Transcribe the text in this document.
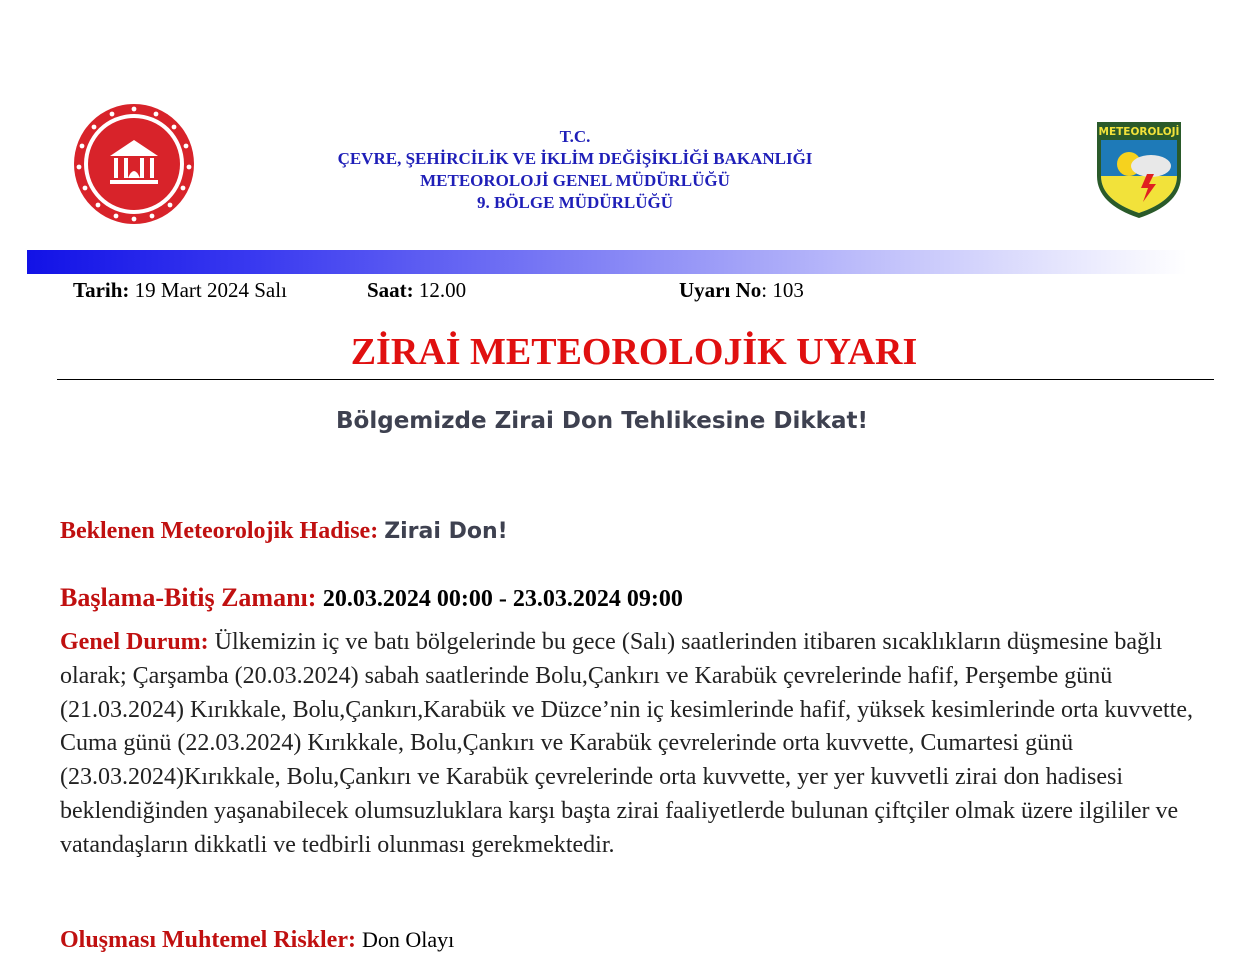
T.C.
ÇEVRE, ŞEHİRCİLİK VE İKLİM DEĞİŞİKLİĞİ BAKANLIĞI
METEOROLOJİ GENEL MÜDÜRLÜĞÜ
9. BÖLGE MÜDÜRLÜĞÜ
METEOROLOJİ
Tarih: 19 Mart 2024 Salı	Saat: 12.00	Uyarı No: 103
ZİRAİ METEOROLOJİK UYARI
Bölgemizde Zirai Don Tehlikesine Dikkat!
Beklenen Meteorolojik Hadise: Zirai Don!
Başlama-Bitiş Zamanı: 20.03.2024 00:00 - 23.03.2024 09:00
Genel Durum: Ülkemizin iç ve batı bölgelerinde bu gece (Salı) saatlerinden itibaren sıcaklıkların düşmesine bağlı olarak; Çarşamba (20.03.2024) sabah saatlerinde Bolu,Çankırı ve Karabük çevrelerinde hafif, Perşembe günü (21.03.2024) Kırıkkale, Bolu,Çankırı,Karabük ve Düzce’nin iç kesimlerinde hafif, yüksek kesimlerinde orta kuvvette, Cuma günü (22.03.2024) Kırıkkale, Bolu,Çankırı ve Karabük çevrelerinde orta kuvvette, Cumartesi günü (23.03.2024)Kırıkkale, Bolu,Çankırı ve Karabük çevrelerinde orta kuvvette, yer yer kuvvetli zirai don hadisesi beklendiğinden yaşanabilecek olumsuzluklara karşı başta zirai faaliyetlerde bulunan çiftçiler olmak üzere ilgililer ve vatandaşların dikkatli ve tedbirli olunması gerekmektedir.
Oluşması Muhtemel Riskler: Don Olayı
